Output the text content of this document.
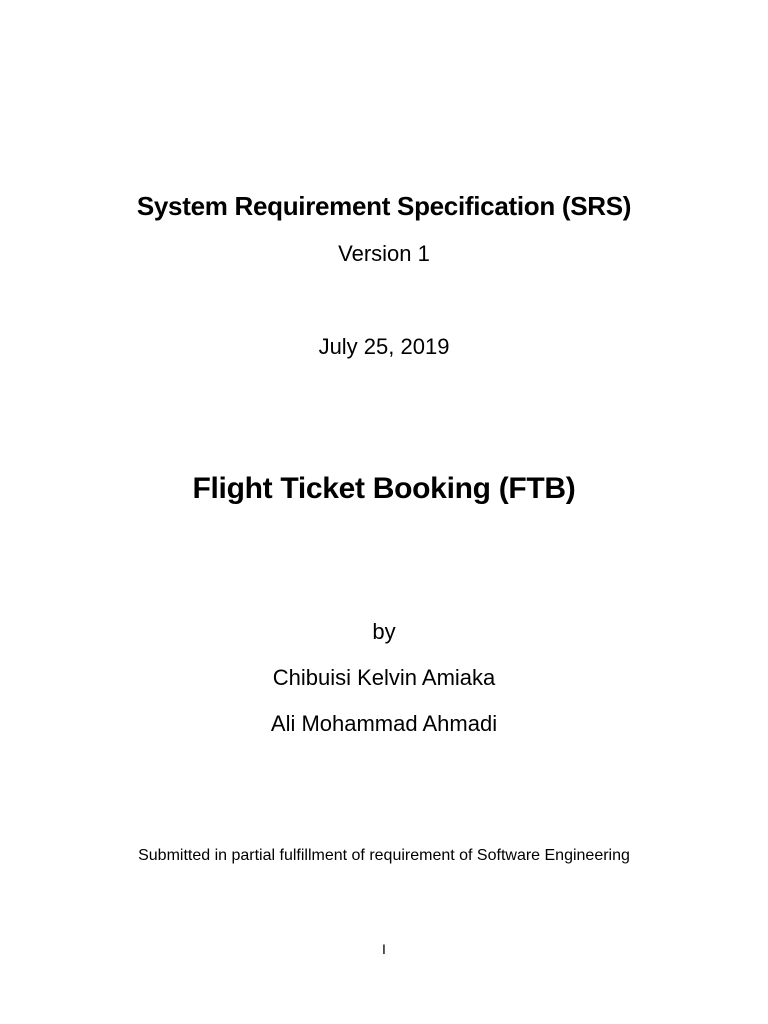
System Requirement Specification (SRS)
Version 1
July 25, 2019
Flight Ticket Booking (FTB)
by
Chibuisi Kelvin Amiaka
Ali Mohammad Ahmadi
Submitted in partial fulfillment of requirement of Software Engineering
I
